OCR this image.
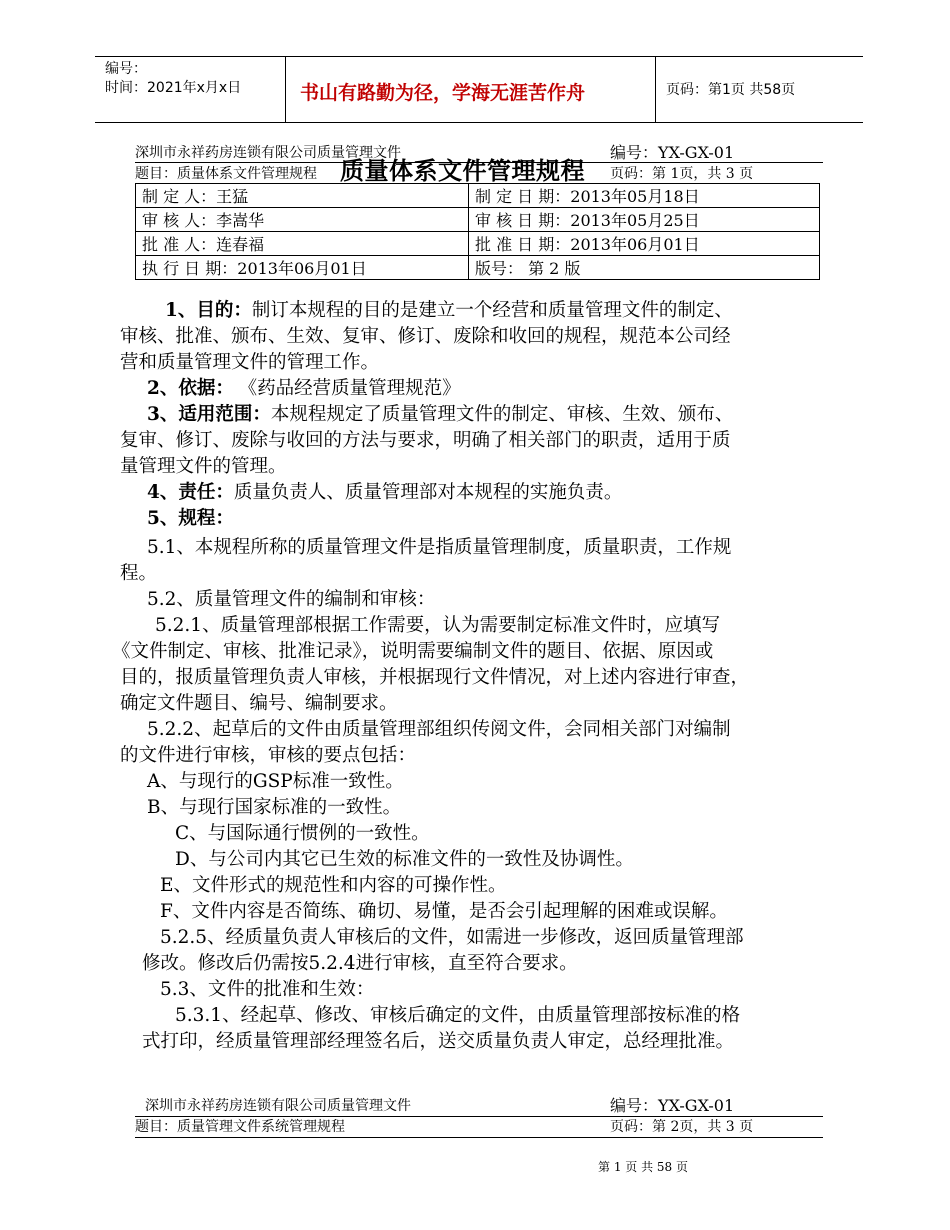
编号：
时间：2021年x月x日	书山有路勤为径，学海无涯苦作舟	页码：第1页 共58页
深圳市永祥药房连锁有限公司质量管理文件	编号：YX-GX-01
题目：质量体系文件管理规程	页码：第 1页，共 3 页
质量体系文件管理规程
制 定 人：王猛	制 定 日 期：2013年05月18日
审 核 人：李嵩华	审 核 日 期：2013年05月25日
批 准 人：连春福	批 准 日 期：2013年06月01日
执 行 日 期：2013年06月01日	版号： 第 2 版
1、目的：制订本规程的目的是建立一个经营和质量管理文件的制定、
审核、批准、颁布、生效、复审、修订、废除和收回的规程，规范本公司经
营和质量管理文件的管理工作。
2、依据： 《药品经营质量管理规范》
3、适用范围：本规程规定了质量管理文件的制定、审核、生效、颁布、
复审、修订、废除与收回的方法与要求，明确了相关部门的职责，适用于质
量管理文件的管理。
4、责任：质量负责人、质量管理部对本规程的实施负责。
5、规程：
5.1、本规程所称的质量管理文件是指质量管理制度，质量职责，工作规
程。
5.2、质量管理文件的编制和审核：
5.2.1、质量管理部根据工作需要，认为需要制定标准文件时，应填写
《文件制定、审核、批准记录》，说明需要编制文件的题目、依据、原因或
目的，报质量管理负责人审核，并根据现行文件情况，对上述内容进行审查，
确定文件题目、编号、编制要求。
5.2.2、起草后的文件由质量管理部组织传阅文件，会同相关部门对编制
的文件进行审核，审核的要点包括：
A、与现行的GSP标准一致性。
B、与现行国家标准的一致性。
C、与国际通行惯例的一致性。
D、与公司内其它已生效的标准文件的一致性及协调性。
E、文件形式的规范性和内容的可操作性。
F、文件内容是否简练、确切、易懂，是否会引起理解的困难或误解。
5.2.5、经质量负责人审核后的文件，如需进一步修改，返回质量管理部
修改。修改后仍需按5.2.4进行审核，直至符合要求。
5.3、文件的批准和生效：
5.3.1、经起草、修改、审核后确定的文件，由质量管理部按标准的格
式打印，经质量管理部经理签名后，送交质量负责人审定，总经理批准。
深圳市永祥药房连锁有限公司质量管理文件	编号：YX-GX-01
题目：质量管理文件系统管理规程	页码：第 2页，共 3 页
第 1 页 共 58 页
